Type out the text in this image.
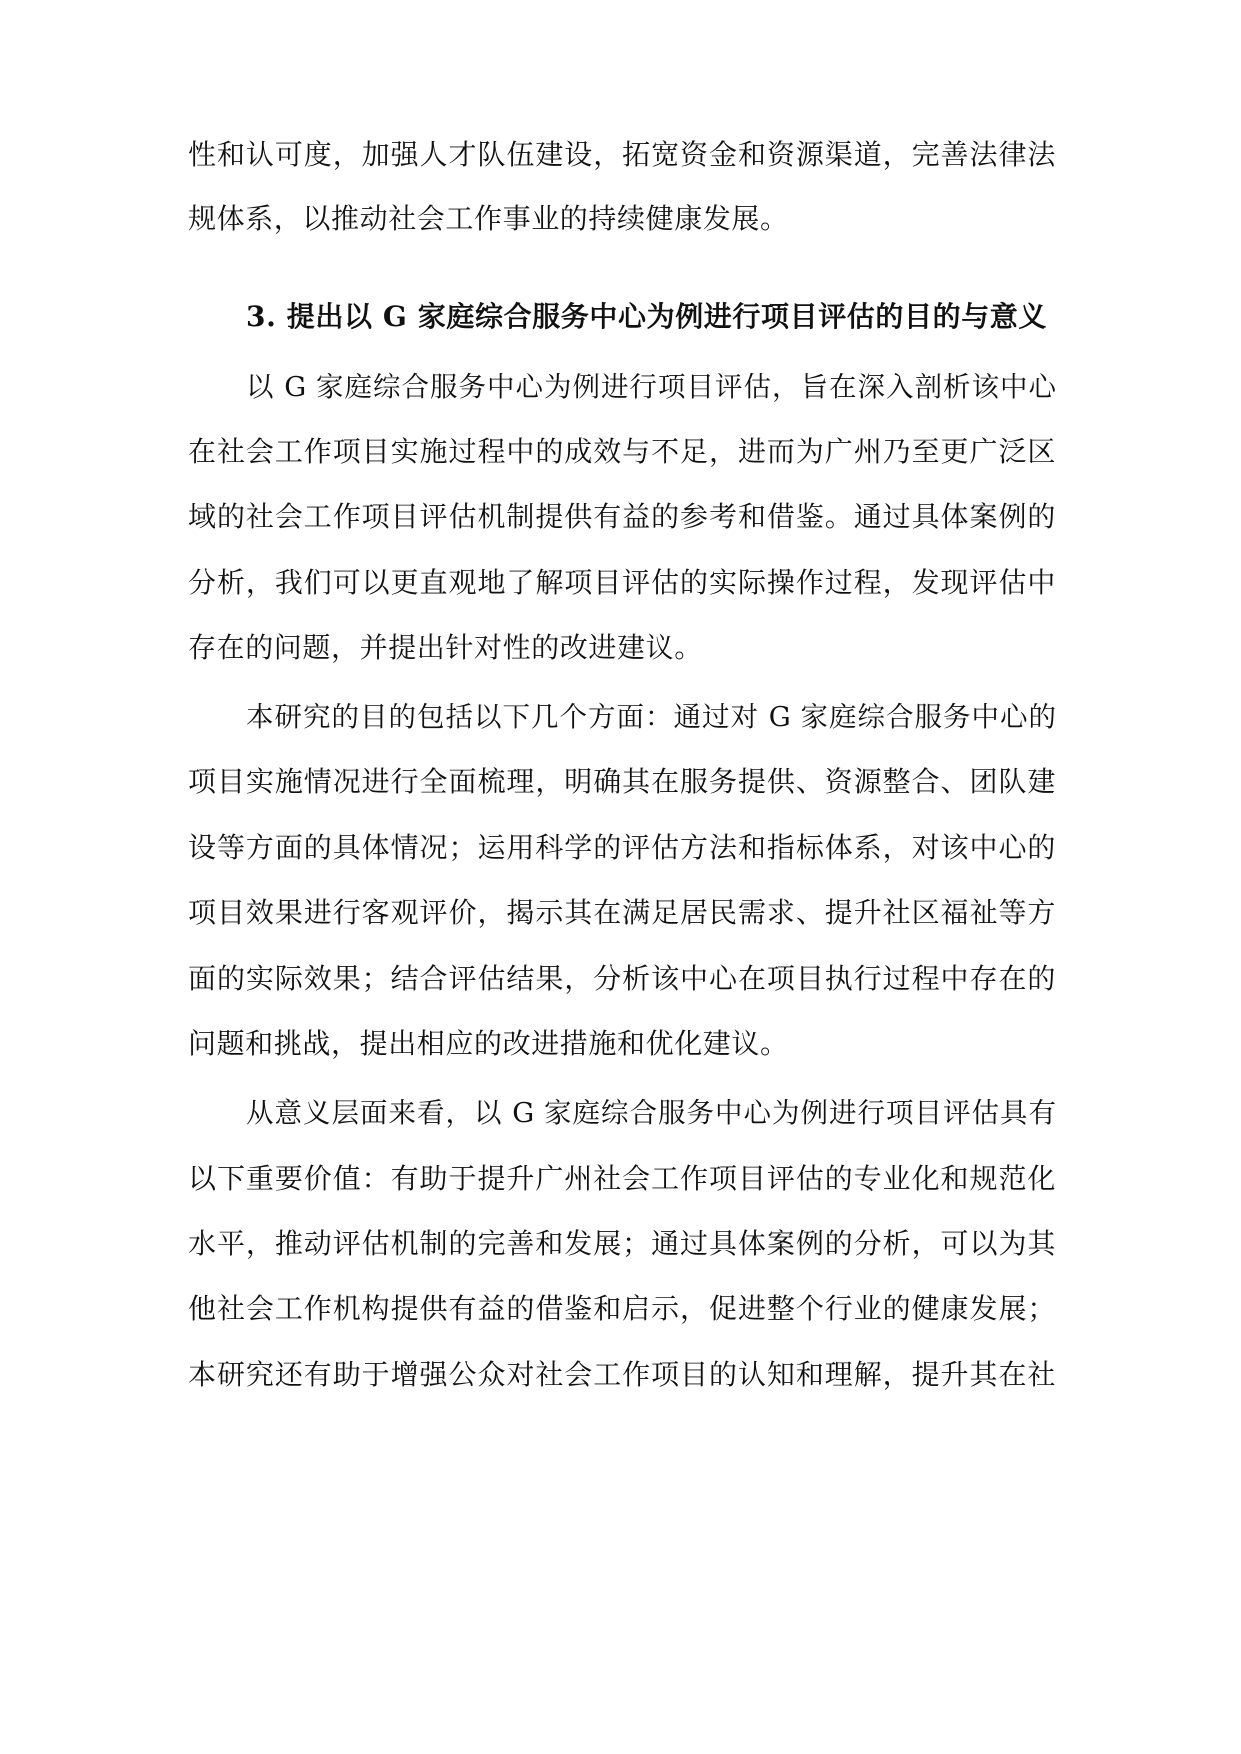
性和认可度，加强人才队伍建设，拓宽资金和资源渠道，完善法律法
规体系，以推动社会工作事业的持续健康发展。
3. 提出以 G 家庭综合服务中心为例进行项目评估的目的与意义
以 G 家庭综合服务中心为例进行项目评估，旨在深入剖析该中心
在社会工作项目实施过程中的成效与不足，进而为广州乃至更广泛区
域的社会工作项目评估机制提供有益的参考和借鉴。通过具体案例的
分析，我们可以更直观地了解项目评估的实际操作过程，发现评估中
存在的问题，并提出针对性的改进建议。
本研究的目的包括以下几个方面：通过对 G 家庭综合服务中心的
项目实施情况进行全面梳理，明确其在服务提供、资源整合、团队建
设等方面的具体情况；运用科学的评估方法和指标体系，对该中心的
项目效果进行客观评价，揭示其在满足居民需求、提升社区福祉等方
面的实际效果；结合评估结果，分析该中心在项目执行过程中存在的
问题和挑战，提出相应的改进措施和优化建议。
从意义层面来看，以 G 家庭综合服务中心为例进行项目评估具有
以下重要价值：有助于提升广州社会工作项目评估的专业化和规范化
水平，推动评估机制的完善和发展；通过具体案例的分析，可以为其
他社会工作机构提供有益的借鉴和启示，促进整个行业的健康发展；
本研究还有助于增强公众对社会工作项目的认知和理解，提升其在社
